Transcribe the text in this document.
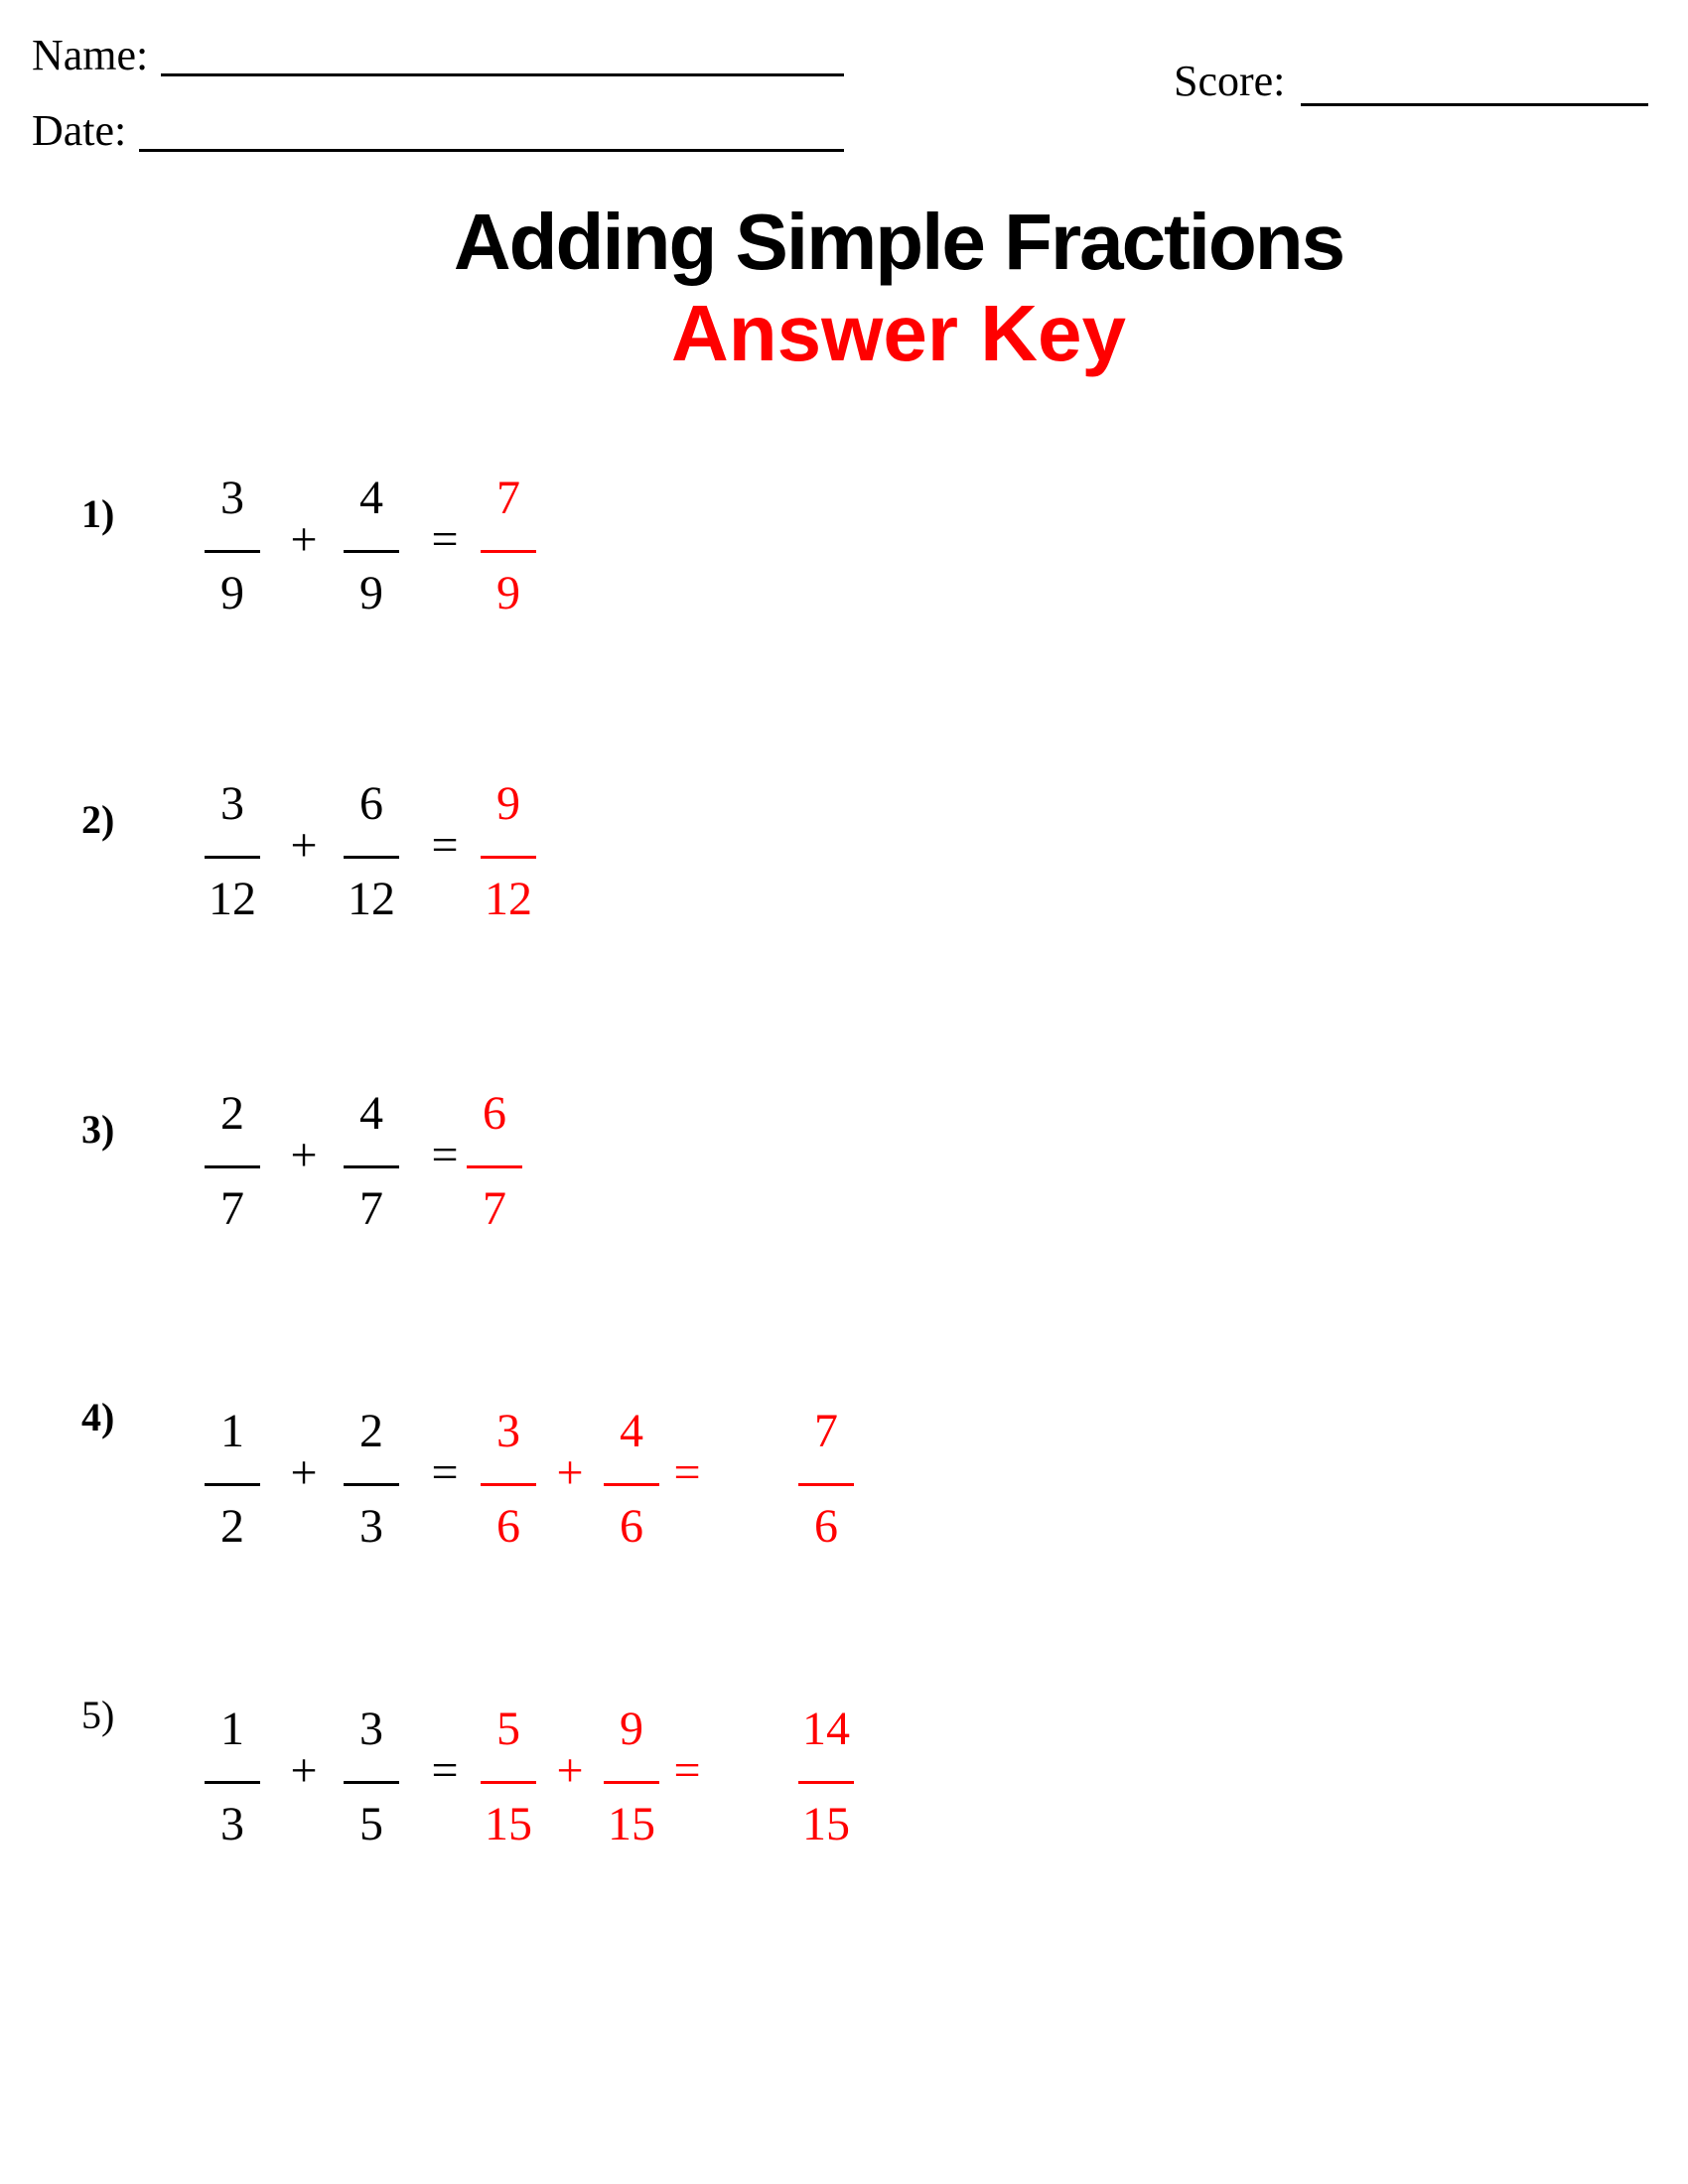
Name:
Date:
Score:
Adding Simple Fractions
Answer Key
1)	3
9
+
4
9
=
7
9
2)	3
12
+
6
12
=
9
12
3)	2
7
+
4
7
=
6
7
4)	1
2
+
2
3
=
3
6
+
4
6
=
7
6
5)	1
3
+
3
5
=
5
15
+
9
15
=
14
15
